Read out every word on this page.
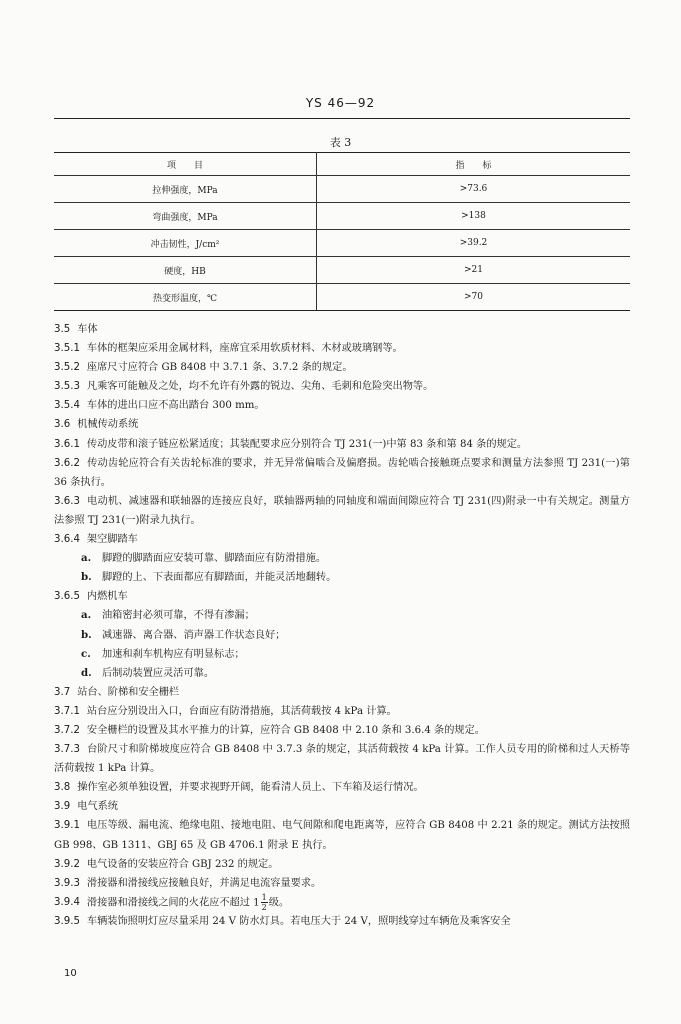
YS 46—92
表 3
项　　目	指　　标
拉伸强度，MPa	>73.6
弯曲强度，MPa	>138
冲击韧性，J/cm²	>39.2
硬度，HB	>21
热变形温度，℃	>70

3.5 车体

3.5.1 车体的框架应采用金属材料，座席宜采用软质材料、木材或玻璃钢等。

3.5.2 座席尺寸应符合 GB 8408 中 3.7.1 条、3.7.2 条的规定。

3.5.3 凡乘客可能触及之处，均不允许有外露的锐边、尖角、毛刺和危险突出物等。

3.5.4 车体的进出口应不高出踏台 300 mm。

3.6 机械传动系统

3.6.1 传动皮带和滚子链应松紧适度；其装配要求应分别符合 TJ 231(一)中第 83 条和第 84 条的规定。

3.6.2 传动齿轮应符合有关齿轮标准的要求，并无异常偏啮合及偏磨损。齿轮啮合接触斑点要求和测量方法参照 TJ 231(一)第 36 条执行。

3.6.3 电动机、减速器和联轴器的连接应良好，联轴器两轴的同轴度和端面间隙应符合 TJ 231(四)附录一中有关规定。测量方法参照 TJ 231(一)附录九执行。

3.6.4 架空脚踏车

a. 脚蹬的脚踏面应安装可靠、脚踏面应有防滑措施。

b. 脚蹬的上、下表面都应有脚踏面，并能灵活地翻转。

3.6.5 内燃机车

a. 油箱密封必须可靠，不得有渗漏；

b. 减速器、离合器、消声器工作状态良好；

c. 加速和刹车机构应有明显标志；

d. 后制动装置应灵活可靠。

3.7 站台、阶梯和安全栅栏

3.7.1 站台应分别设出入口，台面应有防滑措施，其活荷载按 4 kPa 计算。

3.7.2 安全栅栏的设置及其水平推力的计算，应符合 GB 8408 中 2.10 条和 3.6.4 条的规定。

3.7.3 台阶尺寸和阶梯坡度应符合 GB 8408 中 3.7.3 条的规定，其活荷载按 4 kPa 计算。工作人员专用的阶梯和过人天桥等活荷载按 1 kPa 计算。

3.8 操作室必须单独设置，并要求视野开阔，能看清人员上、下车箱及运行情况。

3.9 电气系统

3.9.1 电压等级、漏电流、绝缘电阻、接地电阻、电气间隙和爬电距离等，应符合 GB 8408 中 2.21 条的规定。测试方法按照 GB 998、GB 1311、GBJ 65 及 GB 4706.1 附录 E 执行。

3.9.2 电气设备的安装应符合 GBJ 232 的规定。

3.9.3 滑接器和滑接线应接触良好，并满足电流容量要求。

3.9.4 滑接器和滑接线之间的火花应不超过 $1 \frac{1}{2}$ 级。

3.9.5 车辆装饰照明灯应尽量采用 24 V 防水灯具。若电压大于 24 V，照明线穿过车辆危及乘客安全

10
